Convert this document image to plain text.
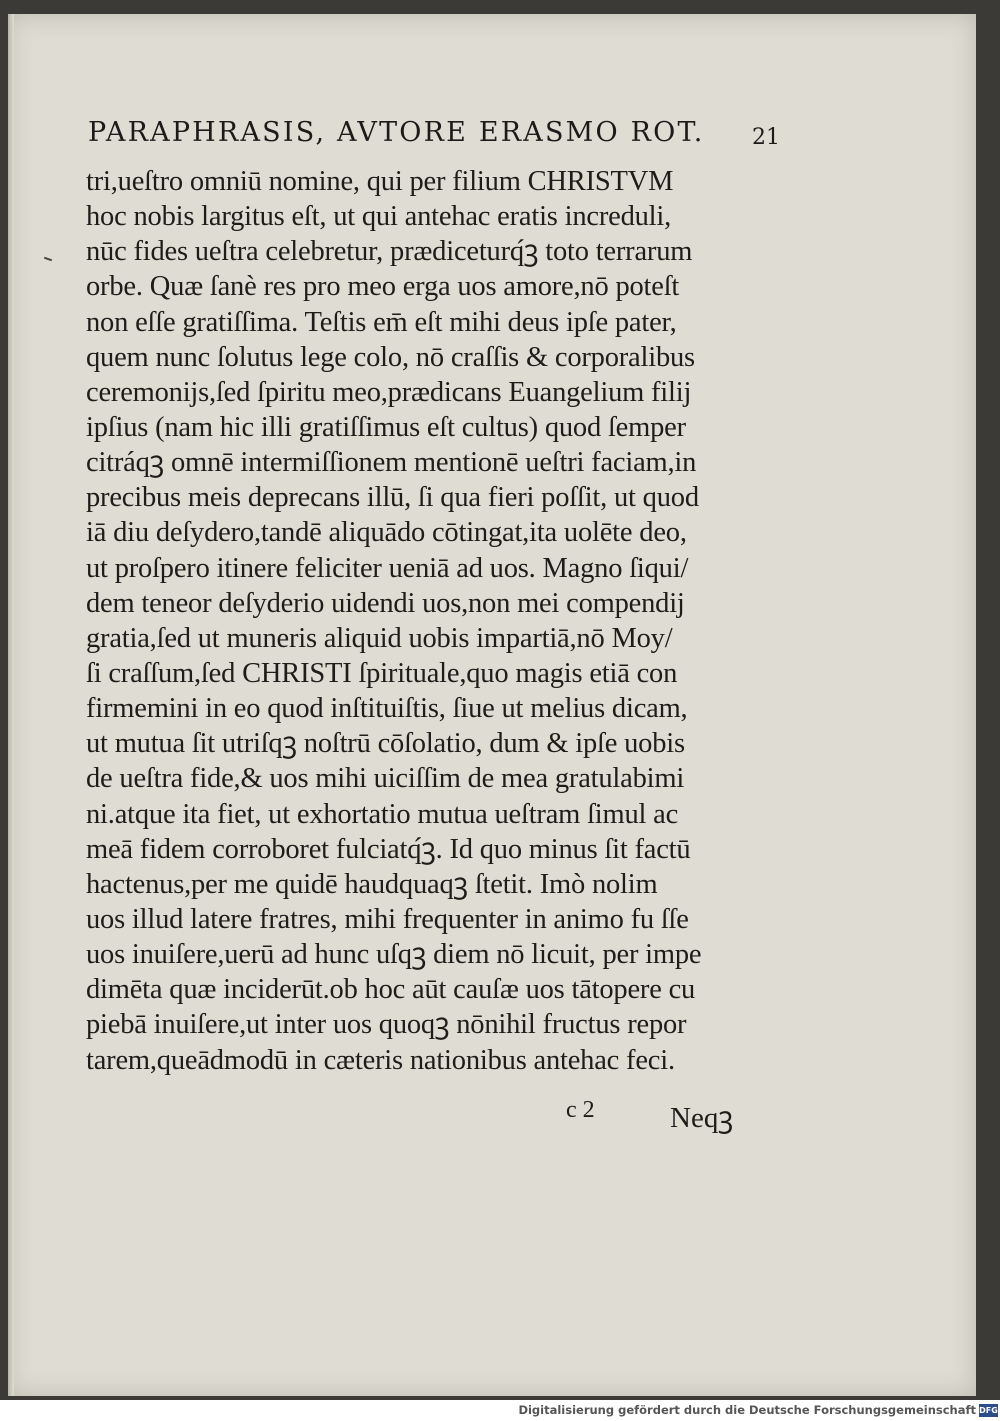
PARAPHRASIS, AVTORE ERASMO ROT. 21
tri,ueſtro omniū nomine, qui per filium CHRISTVM
hoc nobis largitus eſt, ut qui antehac eratis increduli,
nūc fides ueſtra celebretur, prædiceturq́ꝫ toto terrarum
orbe. Quæ ſanè res pro meo erga uos amore,nō poteſt
non eſſe gratiſſima. Teſtis em̄ eſt mihi deus ipſe pater,
quem nunc ſolutus lege colo, nō craſſis & corporalibus
ceremonijs,ſed ſpiritu meo,prædicans Euangelium filij
ipſius (nam hic illi gratiſſimus eſt cultus) quod ſemper
citráqꝫ omnē intermiſſionem mentionē ueſtri faciam,in
precibus meis deprecans illū, ſi qua fieri poſſit, ut quod
iā diu deſydero,tandē aliquādo cōtingat,ita uolēte deo,
ut proſpero itinere feliciter ueniā ad uos. Magno ſiqui/
dem teneor deſyderio uidendi uos,non mei compendij
gratia,ſed ut muneris aliquid uobis impartiā,nō Moy/
ſi craſſum,ſed CHRISTI ſpirituale,quo magis etiā con
firmemini in eo quod inſtituiſtis, ſiue ut melius dicam,
ut mutua ſit utriſqꝫ noſtrū cōſolatio, dum & ipſe uobis
de ueſtra fide,& uos mihi uiciſſim de mea gratulabimi
ni.atque ita fiet, ut exhortatio mutua ueſtram ſimul ac
meā fidem corroboret fulciatq́ꝫ. Id quo minus ſit factū
hactenus,per me quidē haudquaqꝫ ſtetit. Imò nolim
uos illud latere fratres, mihi frequenter in animo fu ſſe
uos inuiſere,uerū ad hunc uſqꝫ diem nō licuit, per impe
dimēta quæ inciderūt.ob hoc aūt cauſæ uos tātopere cu
piebā inuiſere,ut inter uos quoqꝫ nōnihil fructus repor
tarem,queādmodū in cæteris nationibus antehac feci.
c 2	Neqꝫ
Digitalisierung gefördert durch die Deutsche Forschungsgemeinschaft DFG
